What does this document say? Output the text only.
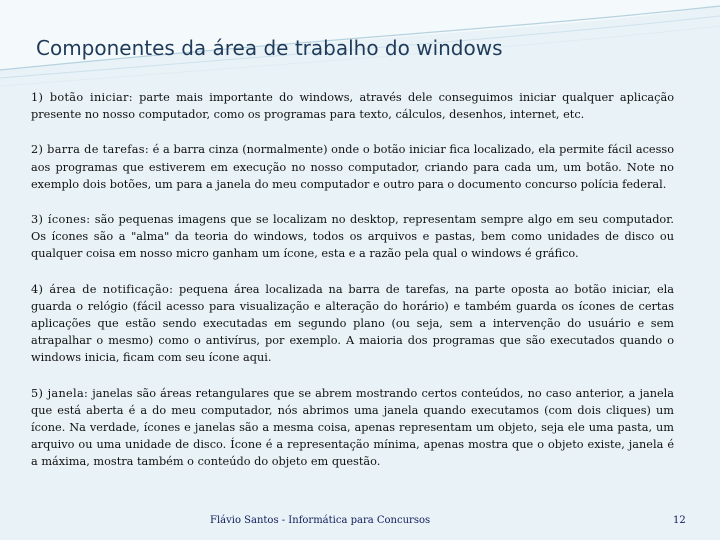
Componentes da área de trabalho do windows

1) botão iniciar: parte mais importante do windows, através dele conseguimos iniciar qualquer aplicação presente no nosso computador, como os programas para texto, cálculos, desenhos, internet, etc.

2) barra de tarefas: é a barra cinza (normalmente) onde o botão iniciar fica localizado, ela permite fácil acesso aos programas que estiverem em execução no nosso computador, criando para cada um, um botão. Note no exemplo dois botões, um para a janela do meu computador e outro para o documento concurso polícia federal.

3) ícones: são pequenas imagens que se localizam no desktop, representam sempre algo em seu computador. Os ícones são a "alma" da teoria do windows, todos os arquivos e pastas, bem como unidades de disco ou qualquer coisa em nosso micro ganham um ícone, esta e a razão pela qual o windows é gráfico.

4) área de notificação: pequena área localizada na barra de tarefas, na parte oposta ao botão iniciar, ela guarda o relógio (fácil acesso para visualização e alteração do horário) e também guarda os ícones de certas aplicações que estão sendo executadas em segundo plano (ou seja, sem a intervenção do usuário e sem atrapalhar o mesmo) como o antivírus, por exemplo. A maioria dos programas que são executados quando o windows inicia, ficam com seu ícone aqui.

5) janela: janelas são áreas retangulares que se abrem mostrando certos conteúdos, no caso anterior, a janela que está aberta é a do meu computador, nós abrimos uma janela quando executamos (com dois cliques) um ícone. Na verdade, ícones e janelas são a mesma coisa, apenas representam um objeto, seja ele uma pasta, um arquivo ou uma unidade de disco. Ícone é a representação mínima, apenas mostra que o objeto existe, janela é a máxima, mostra também o conteúdo do objeto em questão.

Flávio Santos - Informática para Concursos	12
